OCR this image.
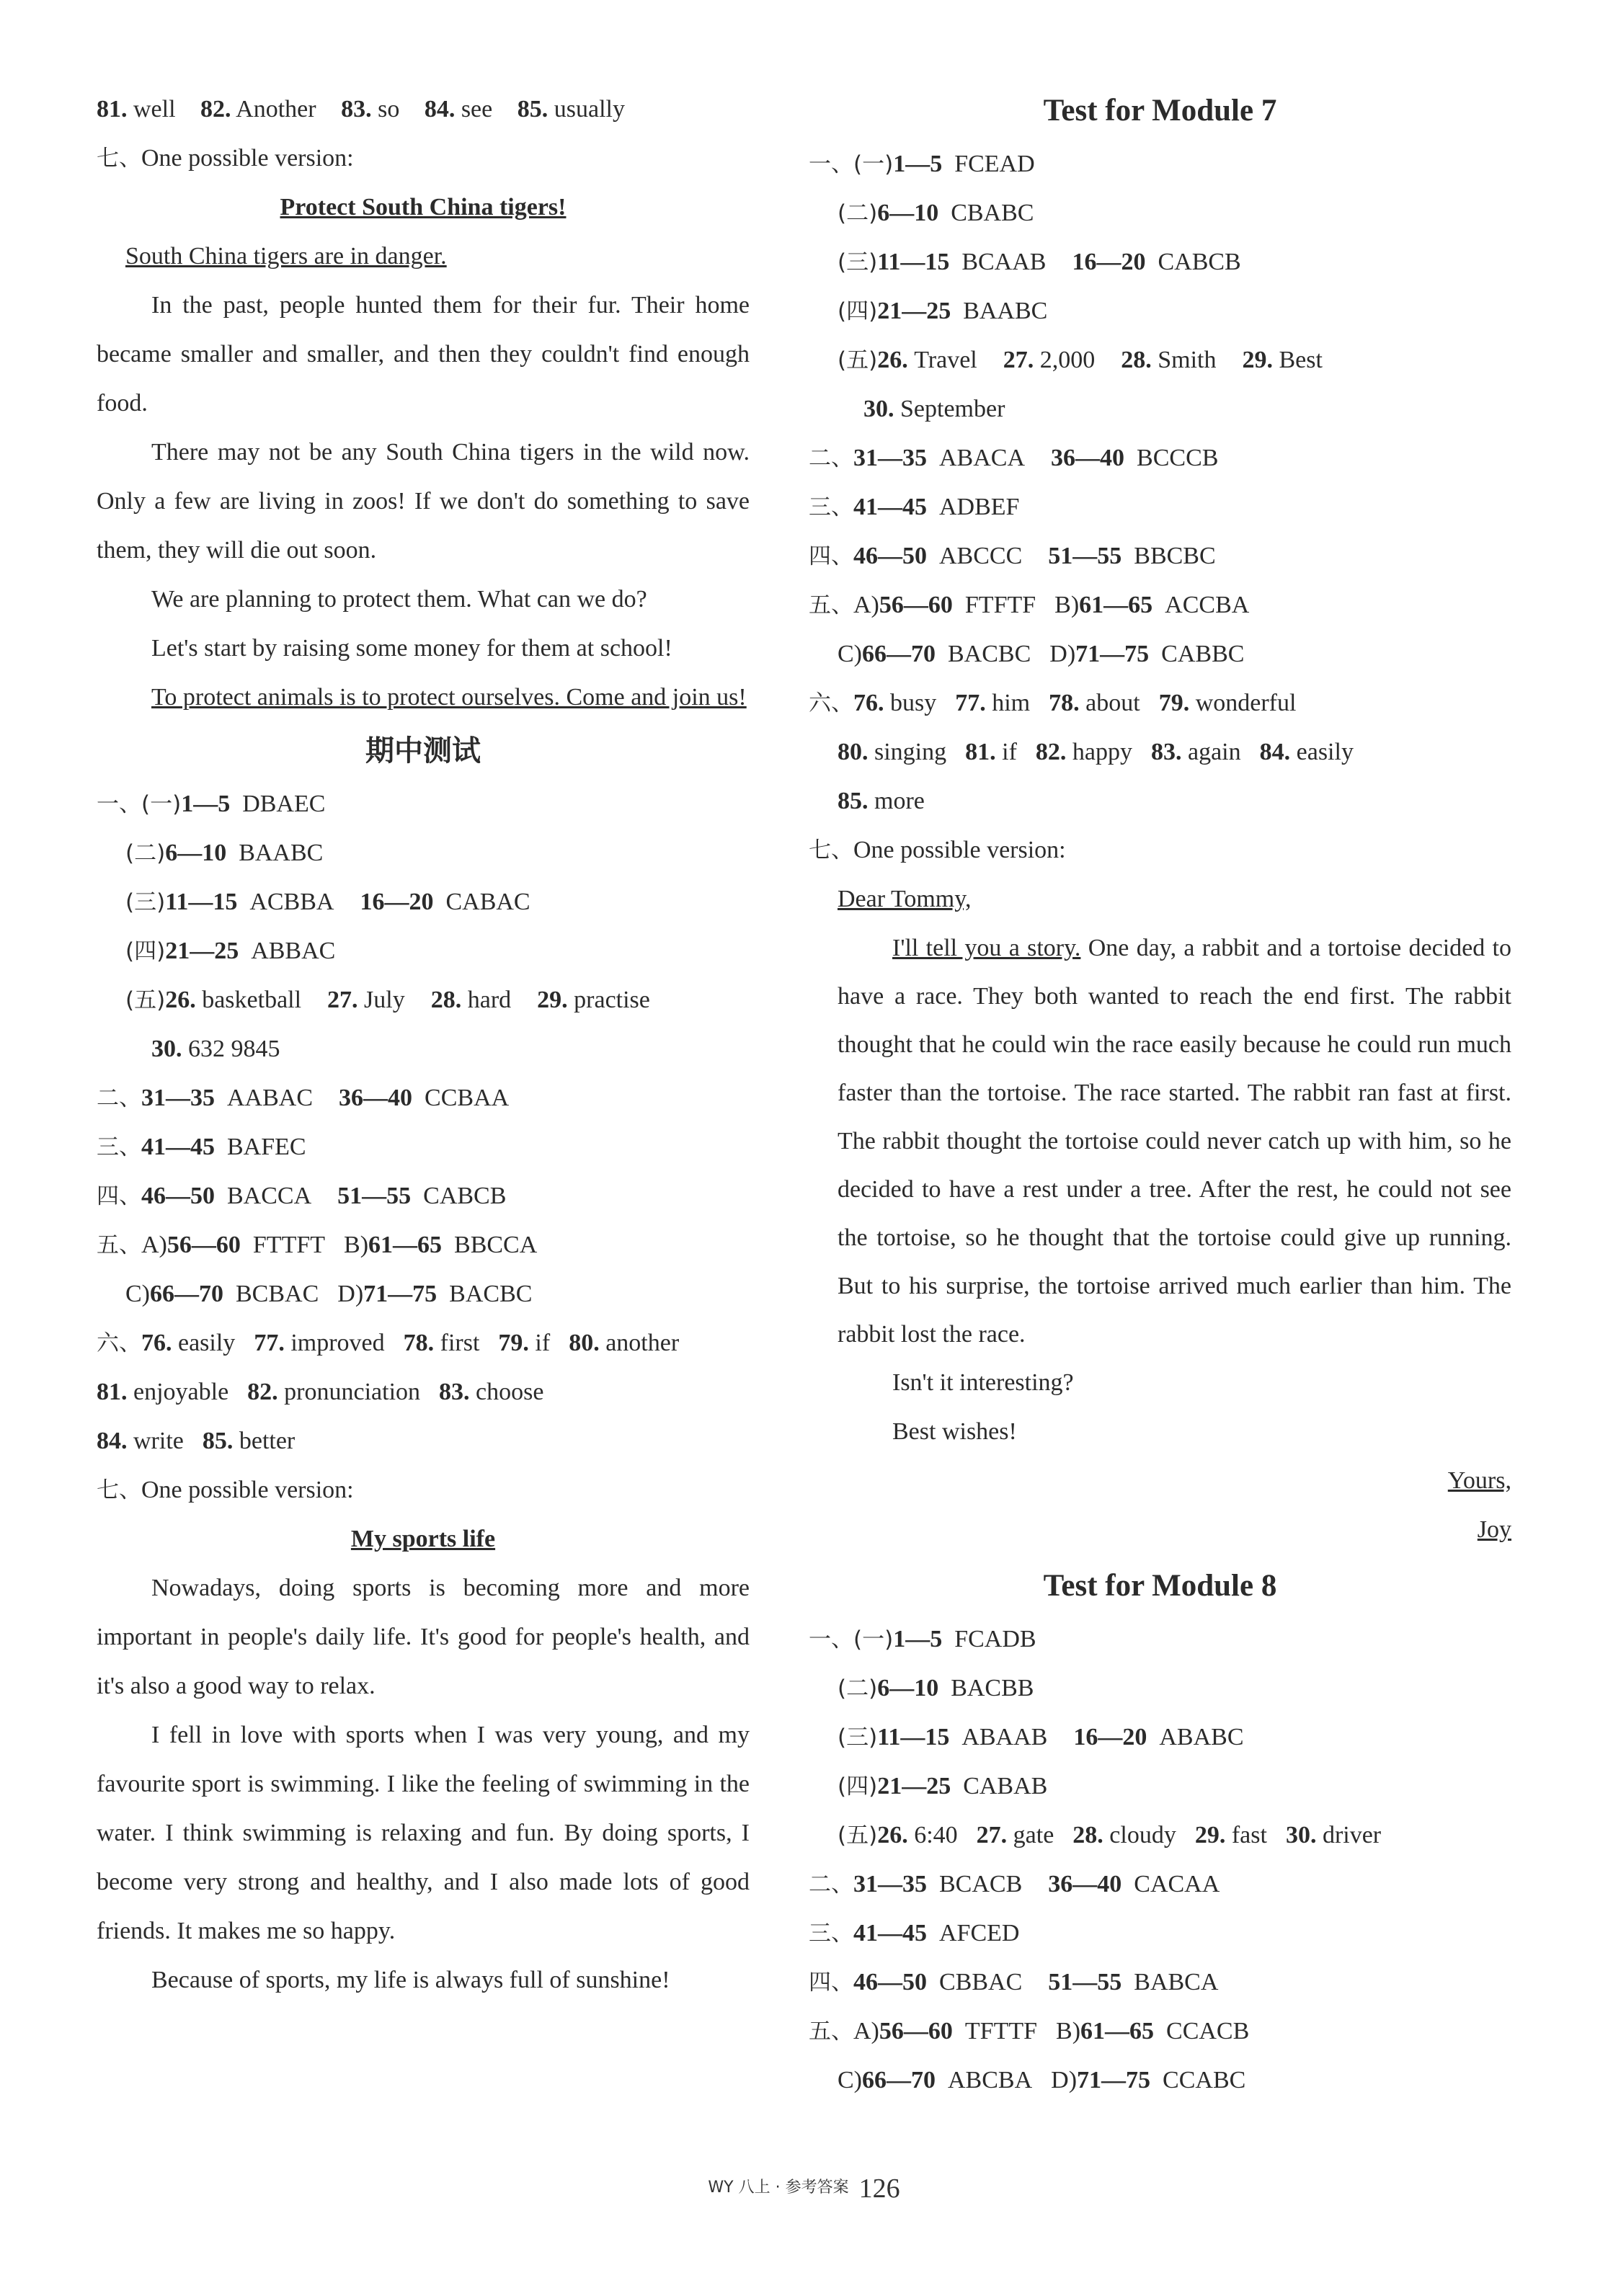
81. well 82. Another 83. so 84. see 85. usually
七、One possible version:
Protect South China tigers!
South China tigers are in danger.
In the past, people hunted them for their fur. Their home became smaller and smaller, and then they couldn't find enough food.
There may not be any South China tigers in the wild now. Only a few are living in zoos! If we don't do something to save them, they will die out soon.
We are planning to protect them. What can we do?
Let's start by raising some money for them at school!
To protect animals is to protect ourselves. Come and join us!
期中测试
一、(一)1—5 DBAEC
(二)6—10 BAABC
(三)11—15 ACBBA 16—20 CABAC
(四)21—25 ABBAC
(五)26. basketball 27. July 28. hard 29. practise
30. 632 9845
二、31—35 AABAC 36—40 CCBAA
三、41—45 BAFEC
四、46—50 BACCA 51—55 CABCB
五、A)56—60 FTTFT B)61—65 BBCCA
C)66—70 BCBAC D)71—75 BACBC
六、76. easily 77. improved 78. first 79. if 80. another
81. enjoyable 82. pronunciation 83. choose
84. write 85. better
七、One possible version:
My sports life
Nowadays, doing sports is becoming more and more important in people's daily life. It's good for people's health, and it's also a good way to relax.
I fell in love with sports when I was very young, and my favourite sport is swimming. I like the feeling of swimming in the water. I think swimming is relaxing and fun. By doing sports, I become very strong and healthy, and I also made lots of good friends. It makes me so happy.
Because of sports, my life is always full of sunshine!
Test for Module 7
一、(一)1—5 FCEAD
(二)6—10 CBABC
(三)11—15 BCAAB 16—20 CABCB
(四)21—25 BAABC
(五)26. Travel 27. 2,000 28. Smith 29. Best
30. September
二、31—35 ABACA 36—40 BCCCB
三、41—45 ADBEF
四、46—50 ABCCC 51—55 BBCBC
五、A)56—60 FTFTF B)61—65 ACCBA
C)66—70 BACBC D)71—75 CABBC
六、76. busy 77. him 78. about 79. wonderful
80. singing 81. if 82. happy 83. again 84. easily
85. more
七、One possible version:
Dear Tommy,
I'll tell you a story. One day, a rabbit and a tortoise decided to have a race. They both wanted to reach the end first. The rabbit thought that he could win the race easily because he could run much faster than the tortoise. The race started. The rabbit ran fast at first. The rabbit thought the tortoise could never catch up with him, so he decided to have a rest under a tree. After the rest, he could not see the tortoise, so he thought that the tortoise could give up running. But to his surprise, the tortoise arrived much earlier than him. The rabbit lost the race.
Isn't it interesting?
Best wishes!
Yours,
Joy
Test for Module 8
一、(一)1—5 FCADB
(二)6—10 BACBB
(三)11—15 ABAAB 16—20 ABABC
(四)21—25 CABAB
(五)26. 6:40 27. gate 28. cloudy 29. fast 30. driver
二、31—35 BCACB 36—40 CACAA
三、41—45 AFCED
四、46—50 CBBAC 51—55 BABCA
五、A)56—60 TFTTF B)61—65 CCACB
C)66—70 ABCBA D)71—75 CCABC
WY 八上 · 参考答案 126
